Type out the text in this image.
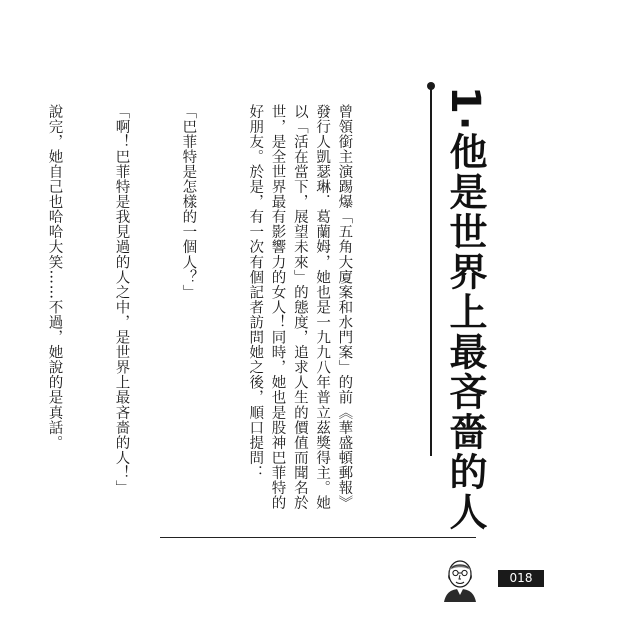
1·他是世界上最吝嗇的人

曾領銜主演踢爆「五角大廈案和水門案」的前《華盛頓郵報》發行人凱瑟琳．葛蘭姆，她也是一九九八年普立茲獎得主。她以「活在當下，展望未來」的態度，追求人生的價值而聞名於世，是全世界最有影響力的女人！同時，她也是股神巴菲特的好朋友。於是，有一次有個記者訪問她之後，順口提問：

「巴菲特是怎樣的一個人？」

「啊！巴菲特是我見過的人之中，是世界上最吝嗇的人！」

說完，她自己也哈哈大笑……不過，她說的是真話。

018
